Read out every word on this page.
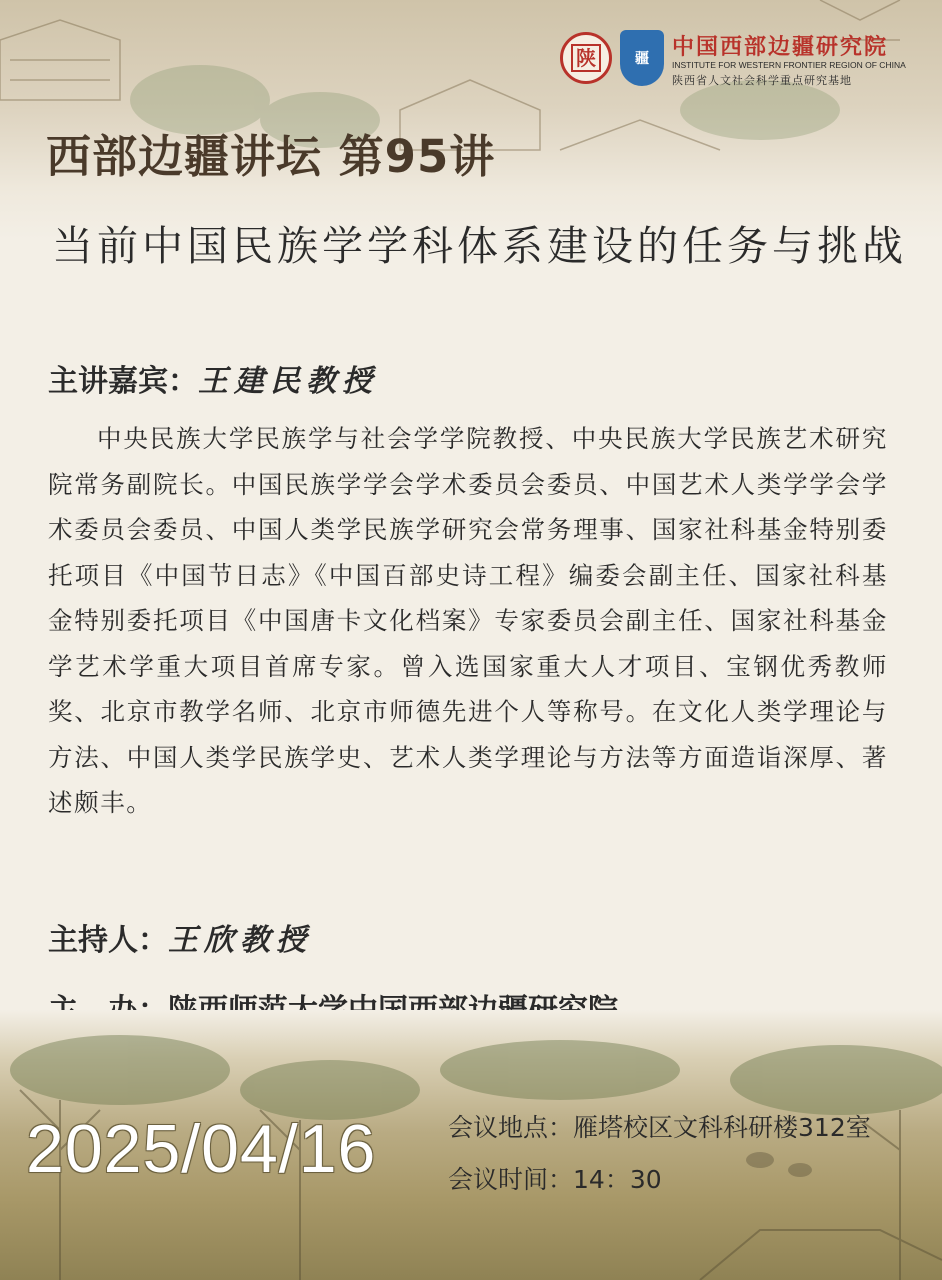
陕	疆 中国西部边疆研究院
INSTITUTE FOR WESTERN FRONTIER REGION OF CHINA
陕西省人文社会科学重点研究基地
西部边疆讲坛 第95讲
当前中国民族学学科体系建设的任务与挑战
主讲嘉宾：王建民教授

中央民族大学民族学与社会学学院教授、中央民族大学民族艺术研究院常务副院长。中国民族学学会学术委员会委员、中国艺术人类学学会学术委员会委员、中国人类学民族学研究会常务理事、国家社科基金特别委托项目《中国节日志》《中国百部史诗工程》编委会副主任、国家社科基金特别委托项目《中国唐卡文化档案》专家委员会副主任、国家社科基金学艺术学重大项目首席专家。曾入选国家重大人才项目、宝钢优秀教师奖、北京市教学名师、北京市师德先进个人等称号。在文化人类学理论与方法、中国人类学民族学史、艺术人类学理论与方法等方面造诣深厚、著述颇丰。

主持人：王欣教授
2025/04/16	会议地点：雁塔校区文科科研楼312室
会议时间：14：30
